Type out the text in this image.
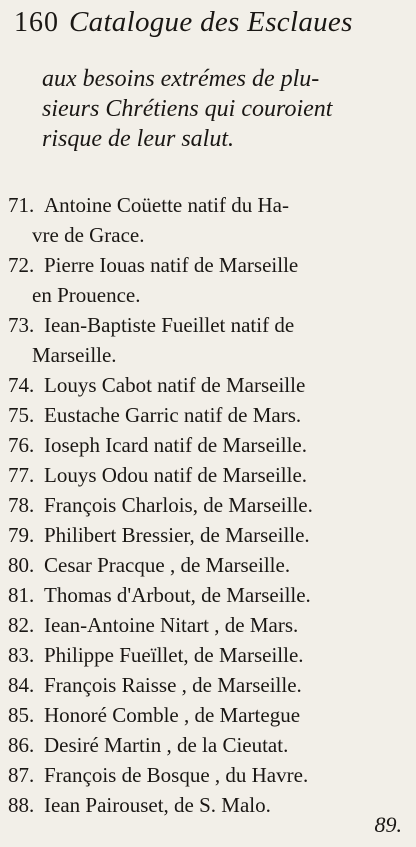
160 Catalogue des Esclaues
aux besoins extrémes de plu-
sieurs Chrétiens qui couroient
risque de leur salut.
71. Antoine Coüette natif du Ha-
vre de Grace.
72. Pierre Iouas natif de Marseille
en Prouence.
73. Iean-Baptiste Fueillet natif de
Marseille.
74. Louys Cabot natif de Marseille
75. Eustache Garric natif de Mars.
76. Ioseph Icard natif de Marseille.
77. Louys Odou natif de Marseille.
78. François Charlois, de Marseille.
79. Philibert Bressier, de Marseille.
80. Cesar Pracque , de Marseille.
81. Thomas d'Arbout, de Marseille.
82. Iean-Antoine Nitart , de Mars.
83. Philippe Fueïllet, de Marseille.
84. François Raisse , de Marseille.
85. Honoré Comble , de Martegue
86. Desiré Martin , de la Cieutat.
87. François de Bosque , du Havre.
88. Iean Pairouset, de S. Malo.
89.
